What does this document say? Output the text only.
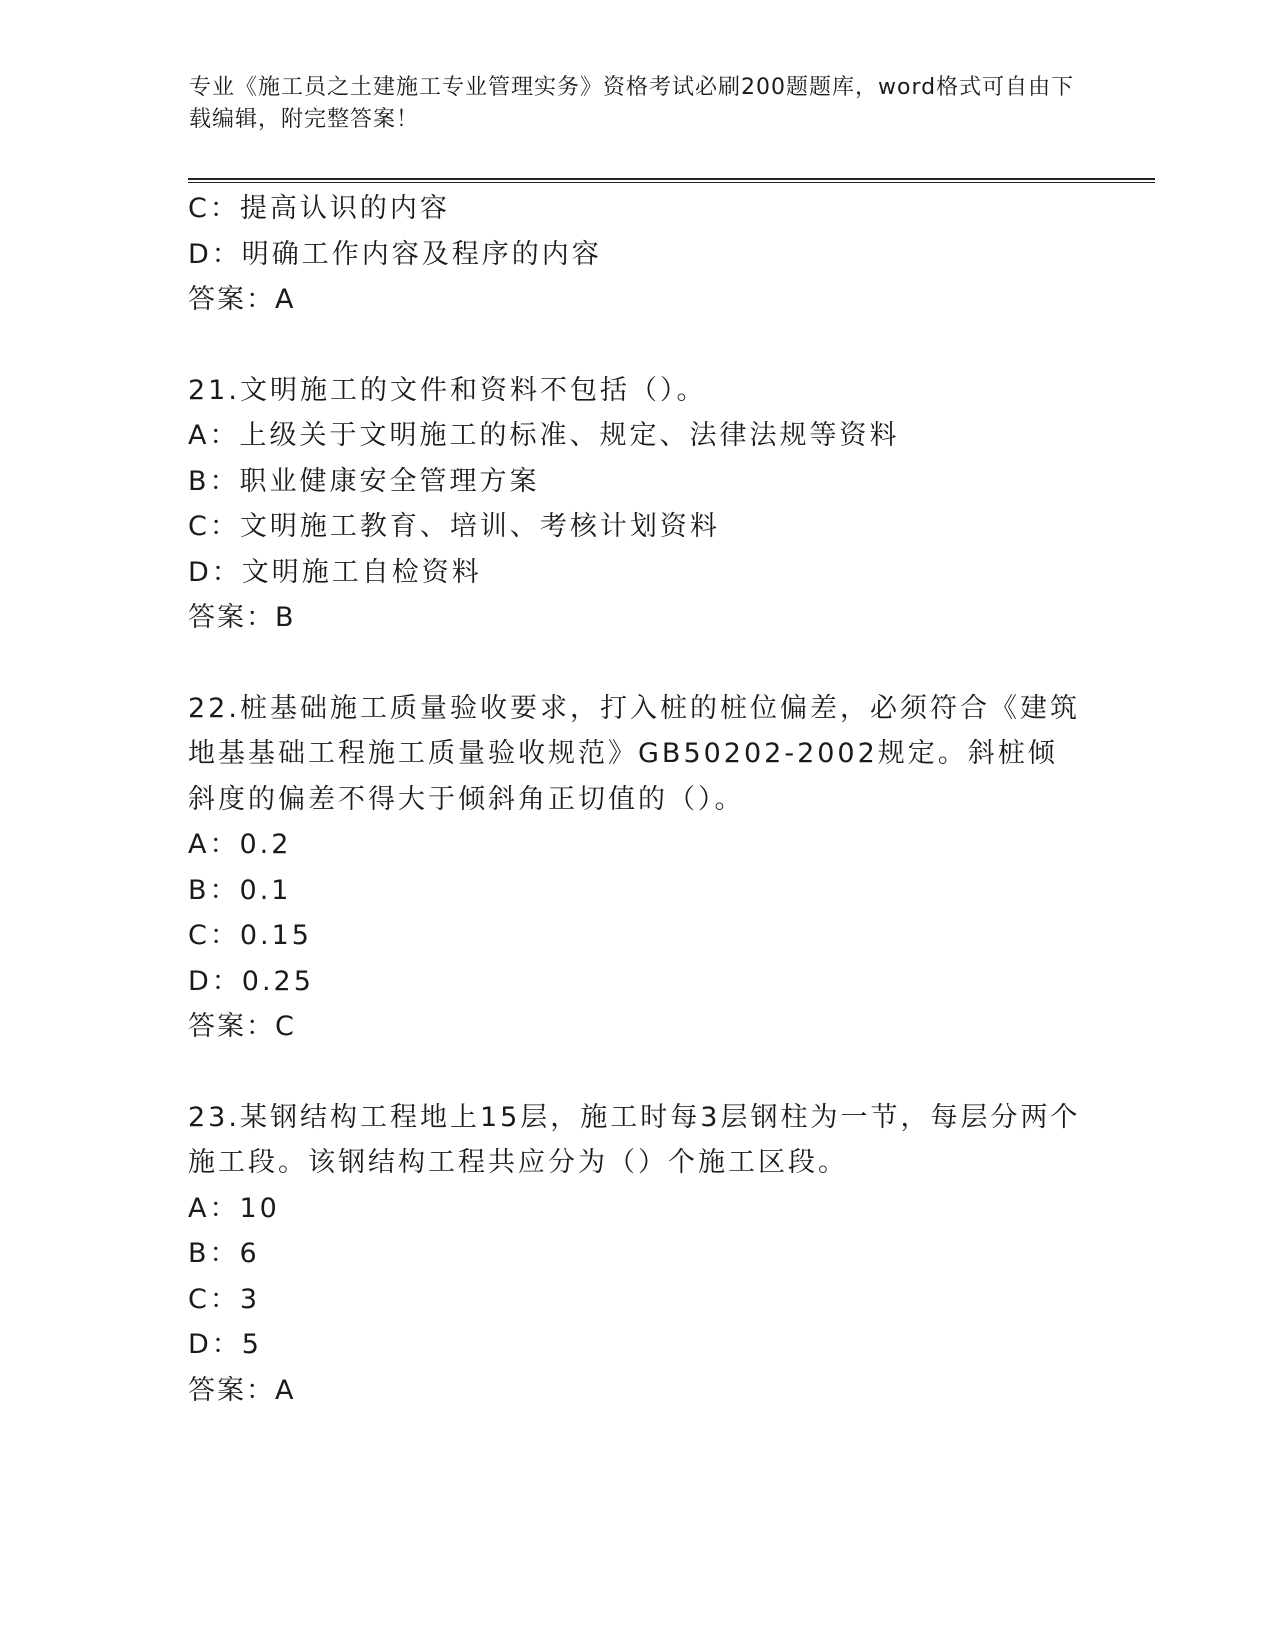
专业《施工员之土建施工专业管理实务》资格考试必刷200题题库，word格式可自由下载编辑，附完整答案！
C：提高认识的内容
D：明确工作内容及程序的内容
答案：A
21.文明施工的文件和资料不包括（）。
A：上级关于文明施工的标准、规定、法律法规等资料
B：职业健康安全管理方案
C：文明施工教育、培训、考核计划资料
D：文明施工自检资料
答案：B
22.桩基础施工质量验收要求，打入桩的桩位偏差，必须符合《建筑地基基础工程施工质量验收规范》GB50202-2002规定。斜桩倾斜度的偏差不得大于倾斜角正切值的（）。
A：0.2
B：0.1
C：0.15
D：0.25
答案：C
23.某钢结构工程地上15层，施工时每3层钢柱为一节，每层分两个施工段。该钢结构工程共应分为（）个施工区段。
A：10
B：6
C：3
D：5
答案：A
